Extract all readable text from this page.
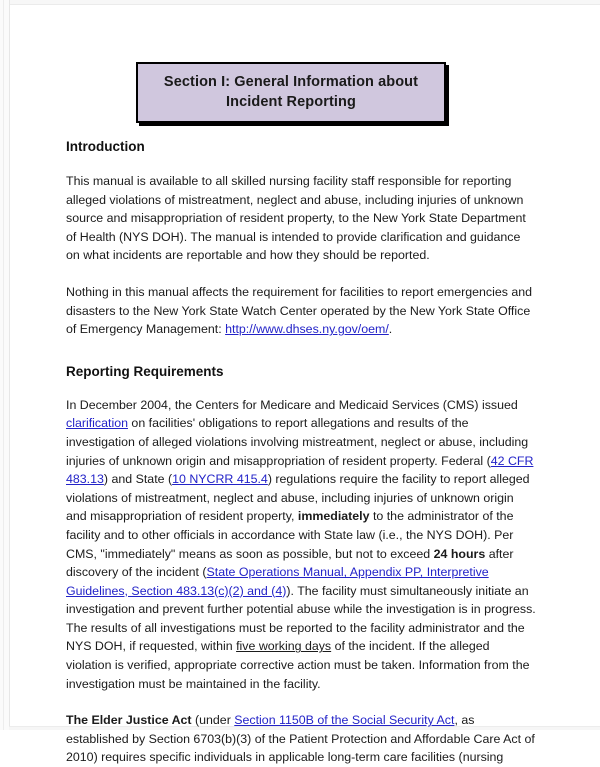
Section I: General Information about
Incident Reporting
Introduction

This manual is available to all skilled nursing facility staff responsible for reporting alleged violations of mistreatment, neglect and abuse, including injuries of unknown source and misappropriation of resident property, to the New York State Department of Health (NYS DOH). The manual is intended to provide clarification and guidance on what incidents are reportable and how they should be reported.

Nothing in this manual affects the requirement for facilities to report emergencies and disasters to the New York State Watch Center operated by the New York State Office of Emergency Management: http://www.dhses.ny.gov/oem/.

Reporting Requirements

In December 2004, the Centers for Medicare and Medicaid Services (CMS) issued clarification on facilities' obligations to report allegations and results of the investigation of alleged violations involving mistreatment, neglect or abuse, including injuries of unknown origin and misappropriation of resident property. Federal (42 CFR 483.13) and State (10 NYCRR 415.4) regulations require the facility to report alleged violations of mistreatment, neglect and abuse, including injuries of unknown origin and misappropriation of resident property, immediately to the administrator of the facility and to other officials in accordance with State law (i.e., the NYS DOH). Per CMS, "immediately" means as soon as possible, but not to exceed 24 hours after discovery of the incident (State Operations Manual, Appendix PP, Interpretive Guidelines, Section 483.13(c)(2) and (4)). The facility must simultaneously initiate an investigation and prevent further potential abuse while the investigation is in progress. The results of all investigations must be reported to the facility administrator and the NYS DOH, if requested, within five working days of the incident. If the alleged violation is verified, appropriate corrective action must be taken. Information from the investigation must be maintained in the facility.

The Elder Justice Act (under Section 1150B of the Social Security Act, as established by Section 6703(b)(3) of the Patient Protection and Affordable Care Act of 2010) requires specific individuals in applicable long-term care facilities (nursing
